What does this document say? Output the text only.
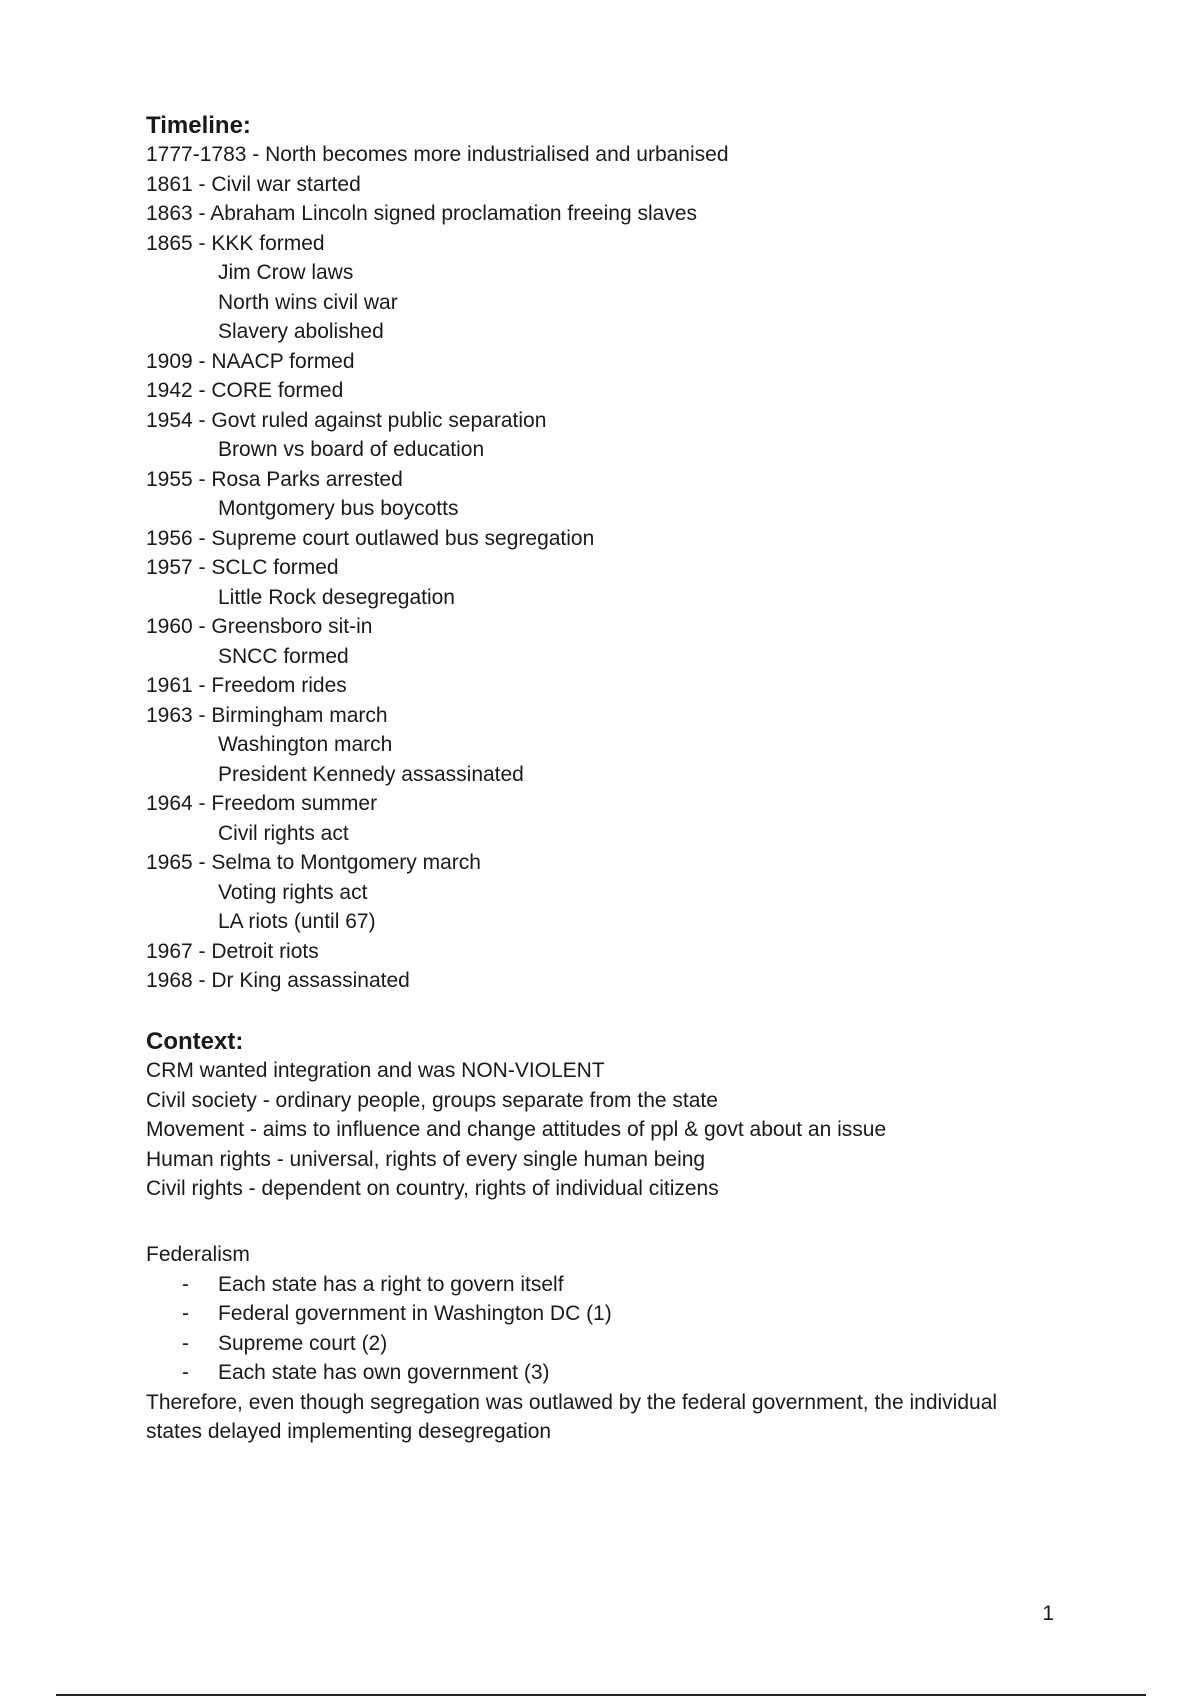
Timeline:

1777-1783 - North becomes more industrialised and urbanised

1861 - Civil war started

1863 - Abraham Lincoln signed proclamation freeing slaves

1865 - KKK formed

Jim Crow laws

North wins civil war

Slavery abolished

1909 - NAACP formed

1942 - CORE formed

1954 - Govt ruled against public separation

Brown vs board of education

1955 - Rosa Parks arrested

Montgomery bus boycotts

1956 - Supreme court outlawed bus segregation

1957 - SCLC formed

Little Rock desegregation

1960 - Greensboro sit-in

SNCC formed

1961 - Freedom rides

1963 - Birmingham march

Washington march

President Kennedy assassinated

1964 - Freedom summer

Civil rights act

1965 - Selma to Montgomery march

Voting rights act

LA riots (until 67)

1967 - Detroit riots

1968 - Dr King assassinated

Context:

CRM wanted integration and was NON-VIOLENT

Civil society - ordinary people, groups separate from the state

Movement - aims to influence and change attitudes of ppl & govt about an issue

Human rights - universal, rights of every single human being

Civil rights - dependent on country, rights of individual citizens

Federalism

- Each state has a right to govern itself
- Federal government in Washington DC (1)
- Supreme court (2)
- Each state has own government (3)

Therefore, even though segregation was outlawed by the federal government, the individual

states delayed implementing desegregation

1
